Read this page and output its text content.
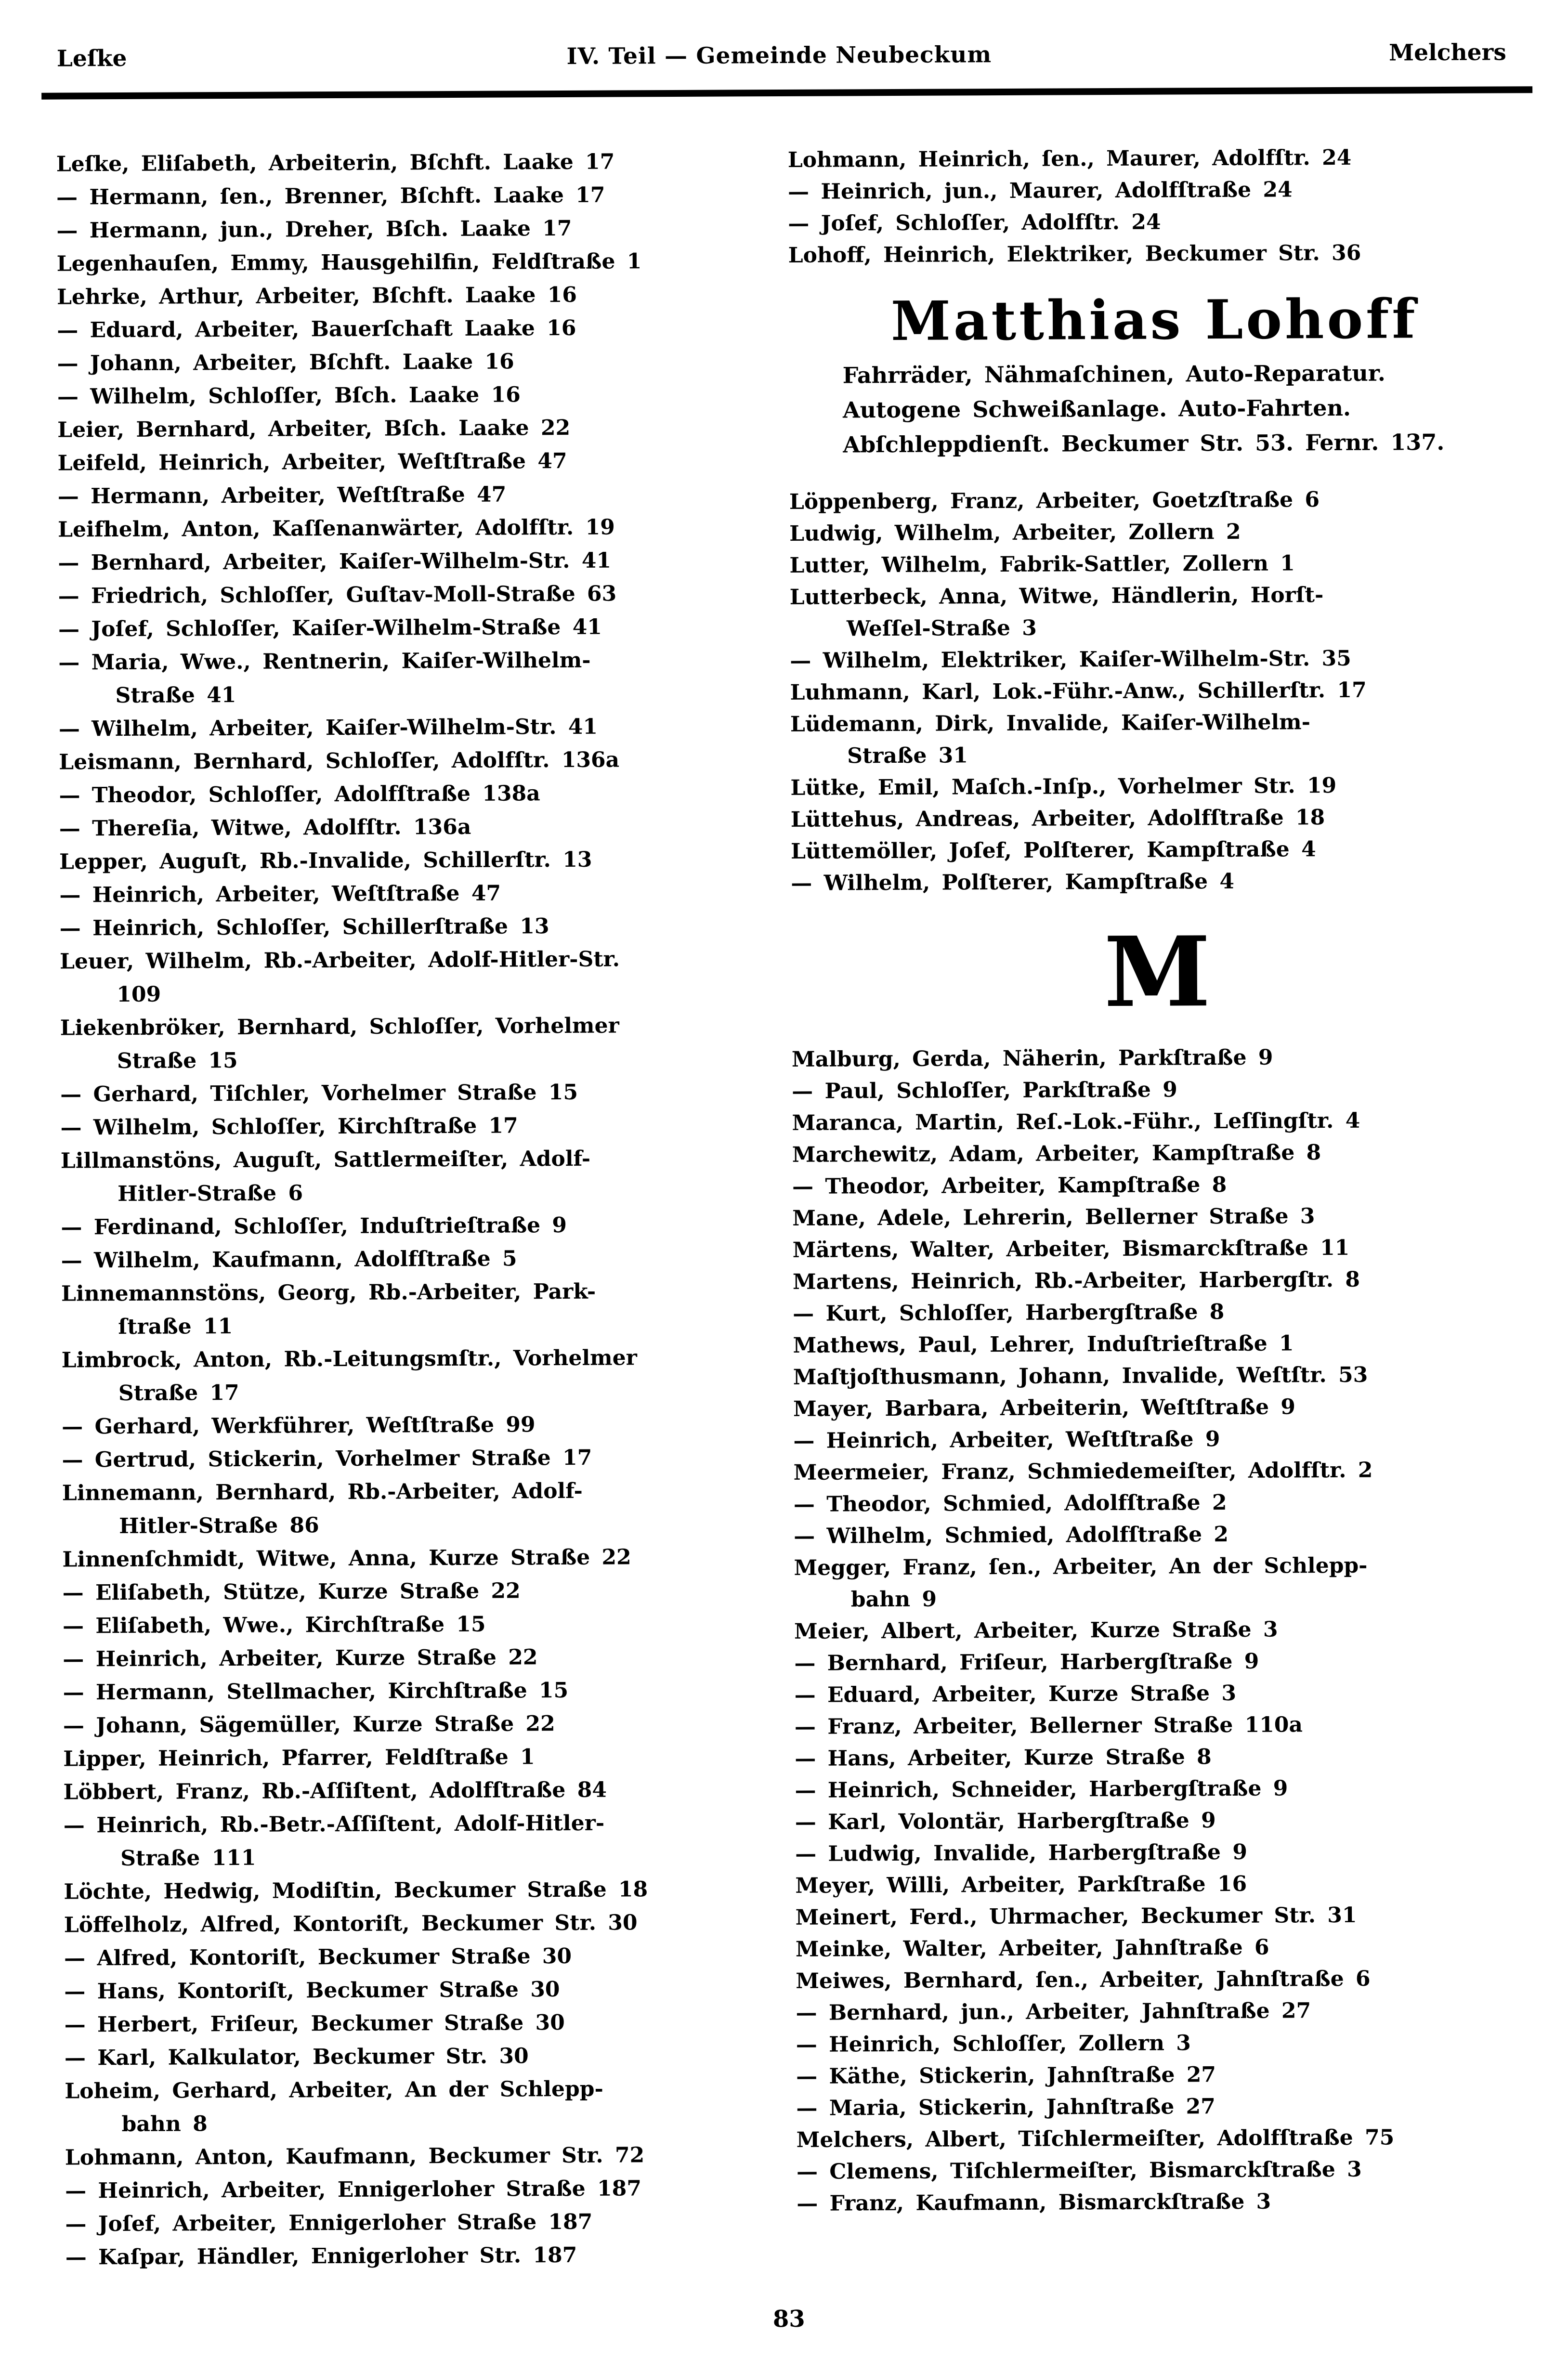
Leſke	IV. Teil — Gemeinde Neubeckum	Melchers
Leſke, Eliſabeth, Arbeiterin, Bſchft. Laake 17
— Hermann, ſen., Brenner, Bſchft. Laake 17
— Hermann, jun., Dreher, Bſch. Laake 17
Legenhauſen, Emmy, Hausgehilfin, Feldſtraße 1
Lehrke, Arthur, Arbeiter, Bſchft. Laake 16
— Eduard, Arbeiter, Bauerſchaft Laake 16
— Johann, Arbeiter, Bſchft. Laake 16
— Wilhelm, Schloſſer, Bſch. Laake 16
Leier, Bernhard, Arbeiter, Bſch. Laake 22
Leifeld, Heinrich, Arbeiter, Weſtſtraße 47
— Hermann, Arbeiter, Weſtſtraße 47
Leifhelm, Anton, Kaſſenanwärter, Adolfſtr. 19
— Bernhard, Arbeiter, Kaiſer-Wilhelm-Str. 41
— Friedrich, Schloſſer, Guſtav-Moll-Straße 63
— Joſef, Schloſſer, Kaiſer-Wilhelm-Straße 41
— Maria, Wwe., Rentnerin, Kaiſer-Wilhelm-
Straße 41
— Wilhelm, Arbeiter, Kaiſer-Wilhelm-Str. 41
Leismann, Bernhard, Schloſſer, Adolfſtr. 136a
— Theodor, Schloſſer, Adolfſtraße 138a
— Thereſia, Witwe, Adolfſtr. 136a
Lepper, Auguſt, Rb.-Invalide, Schillerſtr. 13
— Heinrich, Arbeiter, Weſtſtraße 47
— Heinrich, Schloſſer, Schillerſtraße 13
Leuer, Wilhelm, Rb.-Arbeiter, Adolf-Hitler-Str.
109
Liekenbröker, Bernhard, Schloſſer, Vorhelmer
Straße 15
— Gerhard, Tiſchler, Vorhelmer Straße 15
— Wilhelm, Schloſſer, Kirchſtraße 17
Lillmanstöns, Auguſt, Sattlermeiſter, Adolf-
Hitler-Straße 6
— Ferdinand, Schloſſer, Induſtrieſtraße 9
— Wilhelm, Kaufmann, Adolfſtraße 5
Linnemannstöns, Georg, Rb.-Arbeiter, Park-
ſtraße 11
Limbrock, Anton, Rb.-Leitungsmſtr., Vorhelmer
Straße 17
— Gerhard, Werkführer, Weſtſtraße 99
— Gertrud, Stickerin, Vorhelmer Straße 17
Linnemann, Bernhard, Rb.-Arbeiter, Adolf-
Hitler-Straße 86
Linnenſchmidt, Witwe, Anna, Kurze Straße 22
— Eliſabeth, Stütze, Kurze Straße 22
— Eliſabeth, Wwe., Kirchſtraße 15
— Heinrich, Arbeiter, Kurze Straße 22
— Hermann, Stellmacher, Kirchſtraße 15
— Johann, Sägemüller, Kurze Straße 22
Lipper, Heinrich, Pfarrer, Feldſtraße 1
Löbbert, Franz, Rb.-Aſſiſtent, Adolfſtraße 84
— Heinrich, Rb.-Betr.-Aſſiſtent, Adolf-Hitler-
Straße 111
Löchte, Hedwig, Modiſtin, Beckumer Straße 18
Löffelholz, Alfred, Kontoriſt, Beckumer Str. 30
— Alfred, Kontoriſt, Beckumer Straße 30
— Hans, Kontoriſt, Beckumer Straße 30
— Herbert, Friſeur, Beckumer Straße 30
— Karl, Kalkulator, Beckumer Str. 30
Loheim, Gerhard, Arbeiter, An der Schlepp-
bahn 8
Lohmann, Anton, Kaufmann, Beckumer Str. 72
— Heinrich, Arbeiter, Ennigerloher Straße 187
— Joſef, Arbeiter, Ennigerloher Straße 187
— Kaſpar, Händler, Ennigerloher Str. 187
Lohmann, Heinrich, ſen., Maurer, Adolfſtr. 24
— Heinrich, jun., Maurer, Adolfſtraße 24
— Joſef, Schloſſer, Adolfſtr. 24
Lohoff, Heinrich, Elektriker, Beckumer Str. 36
Matthias Lohoff
Fahrräder, Nähmaſchinen, Auto-Reparatur.
Autogene Schweißanlage. Auto-Fahrten.
Abſchleppdienſt. Beckumer Str. 53. Fernr. 137.
Löppenberg, Franz, Arbeiter, Goetzſtraße 6
Ludwig, Wilhelm, Arbeiter, Zollern 2
Lutter, Wilhelm, Fabrik-Sattler, Zollern 1
Lutterbeck, Anna, Witwe, Händlerin, Horſt-
Weſſel-Straße 3
— Wilhelm, Elektriker, Kaiſer-Wilhelm-Str. 35
Luhmann, Karl, Lok.-Führ.-Anw., Schillerſtr. 17
Lüdemann, Dirk, Invalide, Kaiſer-Wilhelm-
Straße 31
Lütke, Emil, Maſch.-Inſp., Vorhelmer Str. 19
Lüttehus, Andreas, Arbeiter, Adolfſtraße 18
Lüttemöller, Joſef, Polſterer, Kampſtraße 4
— Wilhelm, Polſterer, Kampſtraße 4
M
Malburg, Gerda, Näherin, Parkſtraße 9
— Paul, Schloſſer, Parkſtraße 9
Maranca, Martin, Reſ.-Lok.-Führ., Leſſingſtr. 4
Marchewitz, Adam, Arbeiter, Kampſtraße 8
— Theodor, Arbeiter, Kampſtraße 8
Mane, Adele, Lehrerin, Bellerner Straße 3
Märtens, Walter, Arbeiter, Bismarckſtraße 11
Martens, Heinrich, Rb.-Arbeiter, Harbergſtr. 8
— Kurt, Schloſſer, Harbergſtraße 8
Mathews, Paul, Lehrer, Induſtrieſtraße 1
Maſtjoſthusmann, Johann, Invalide, Weſtſtr. 53
Mayer, Barbara, Arbeiterin, Weſtſtraße 9
— Heinrich, Arbeiter, Weſtſtraße 9
Meermeier, Franz, Schmiedemeiſter, Adolfſtr. 2
— Theodor, Schmied, Adolfſtraße 2
— Wilhelm, Schmied, Adolfſtraße 2
Megger, Franz, ſen., Arbeiter, An der Schlepp-
bahn 9
Meier, Albert, Arbeiter, Kurze Straße 3
— Bernhard, Friſeur, Harbergſtraße 9
— Eduard, Arbeiter, Kurze Straße 3
— Franz, Arbeiter, Bellerner Straße 110a
— Hans, Arbeiter, Kurze Straße 8
— Heinrich, Schneider, Harbergſtraße 9
— Karl, Volontär, Harbergſtraße 9
— Ludwig, Invalide, Harbergſtraße 9
Meyer, Willi, Arbeiter, Parkſtraße 16
Meinert, Ferd., Uhrmacher, Beckumer Str. 31
Meinke, Walter, Arbeiter, Jahnſtraße 6
Meiwes, Bernhard, ſen., Arbeiter, Jahnſtraße 6
— Bernhard, jun., Arbeiter, Jahnſtraße 27
— Heinrich, Schloſſer, Zollern 3
— Käthe, Stickerin, Jahnſtraße 27
— Maria, Stickerin, Jahnſtraße 27
Melchers, Albert, Tiſchlermeiſter, Adolfſtraße 75
— Clemens, Tiſchlermeiſter, Bismarckſtraße 3
— Franz, Kaufmann, Bismarckſtraße 3
83
